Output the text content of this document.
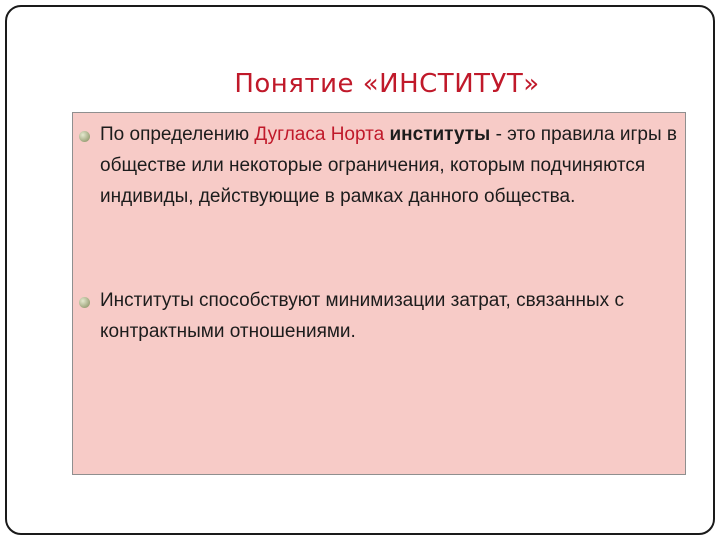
Понятие «ИНСТИТУТ»
По определению Дугласа Норта институты - это правила игры в обществе или некоторые ограничения, которым подчиняются индивиды, действующие в рамках данного общества.
Институты способствуют минимизации затрат, связанных с контрактными отношениями.
